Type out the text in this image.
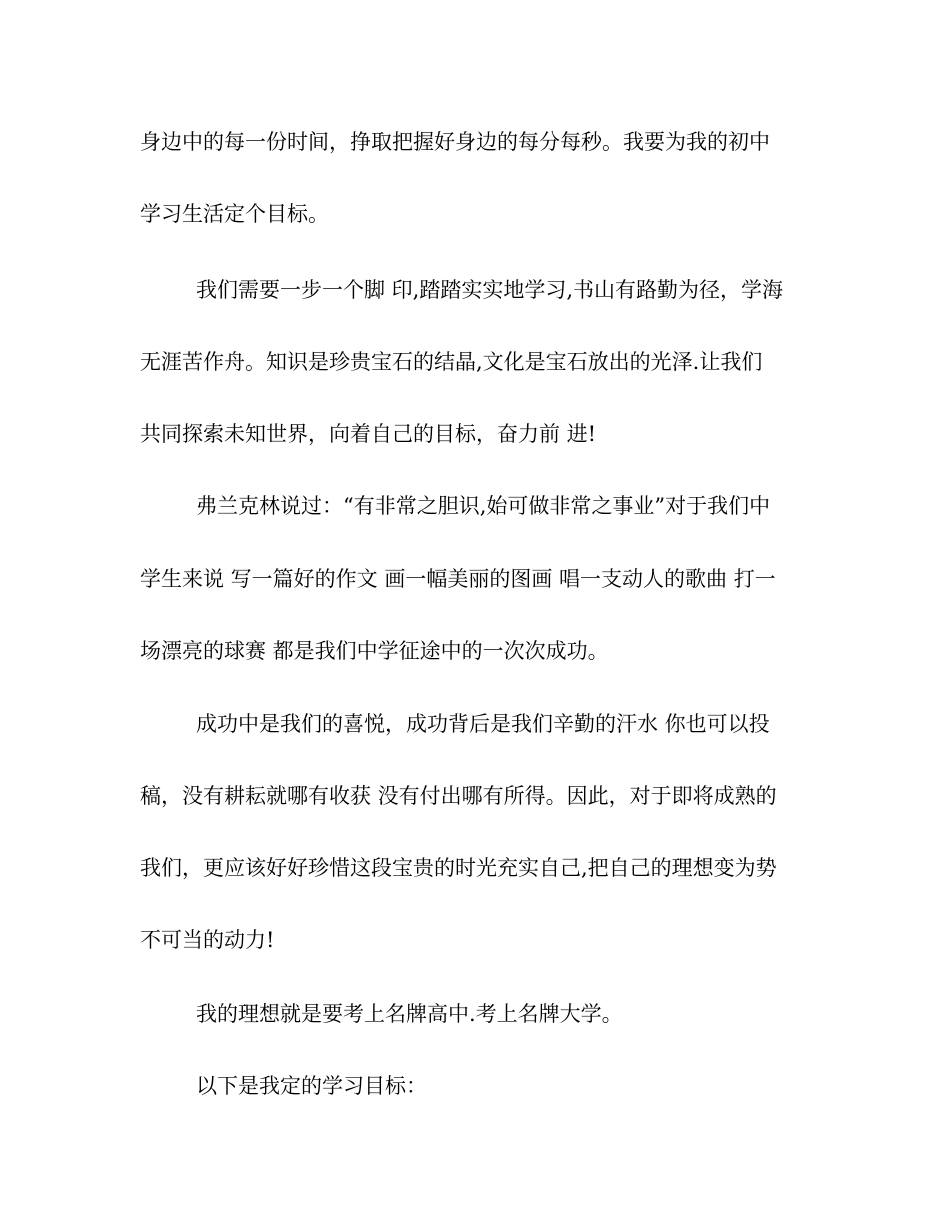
身边中的每一份时间，挣取把握好身边的每分每秒。我要为我的初中

学习生活定个目标。

我们需要一步一个脚 印,踏踏实实地学习,书山有路勤为径，学海

无涯苦作舟。知识是珍贵宝石的结晶,文化是宝石放出的光泽.让我们

共同探索未知世界，向着自己的目标，奋力前 进!

弗兰克林说过：“有非常之胆识,始可做非常之事业”对于我们中

学生来说 写一篇好的作文 画一幅美丽的图画 唱一支动人的歌曲 打一

场漂亮的球赛 都是我们中学征途中的一次次成功。

成功中是我们的喜悦，成功背后是我们辛勤的汗水 你也可以投

稿，没有耕耘就哪有收获 没有付出哪有所得。因此，对于即将成熟的

我们，更应该好好珍惜这段宝贵的时光充实自己,把自己的理想变为势

不可当的动力!

我的理想就是要考上名牌高中.考上名牌大学。

以下是我定的学习目标：
